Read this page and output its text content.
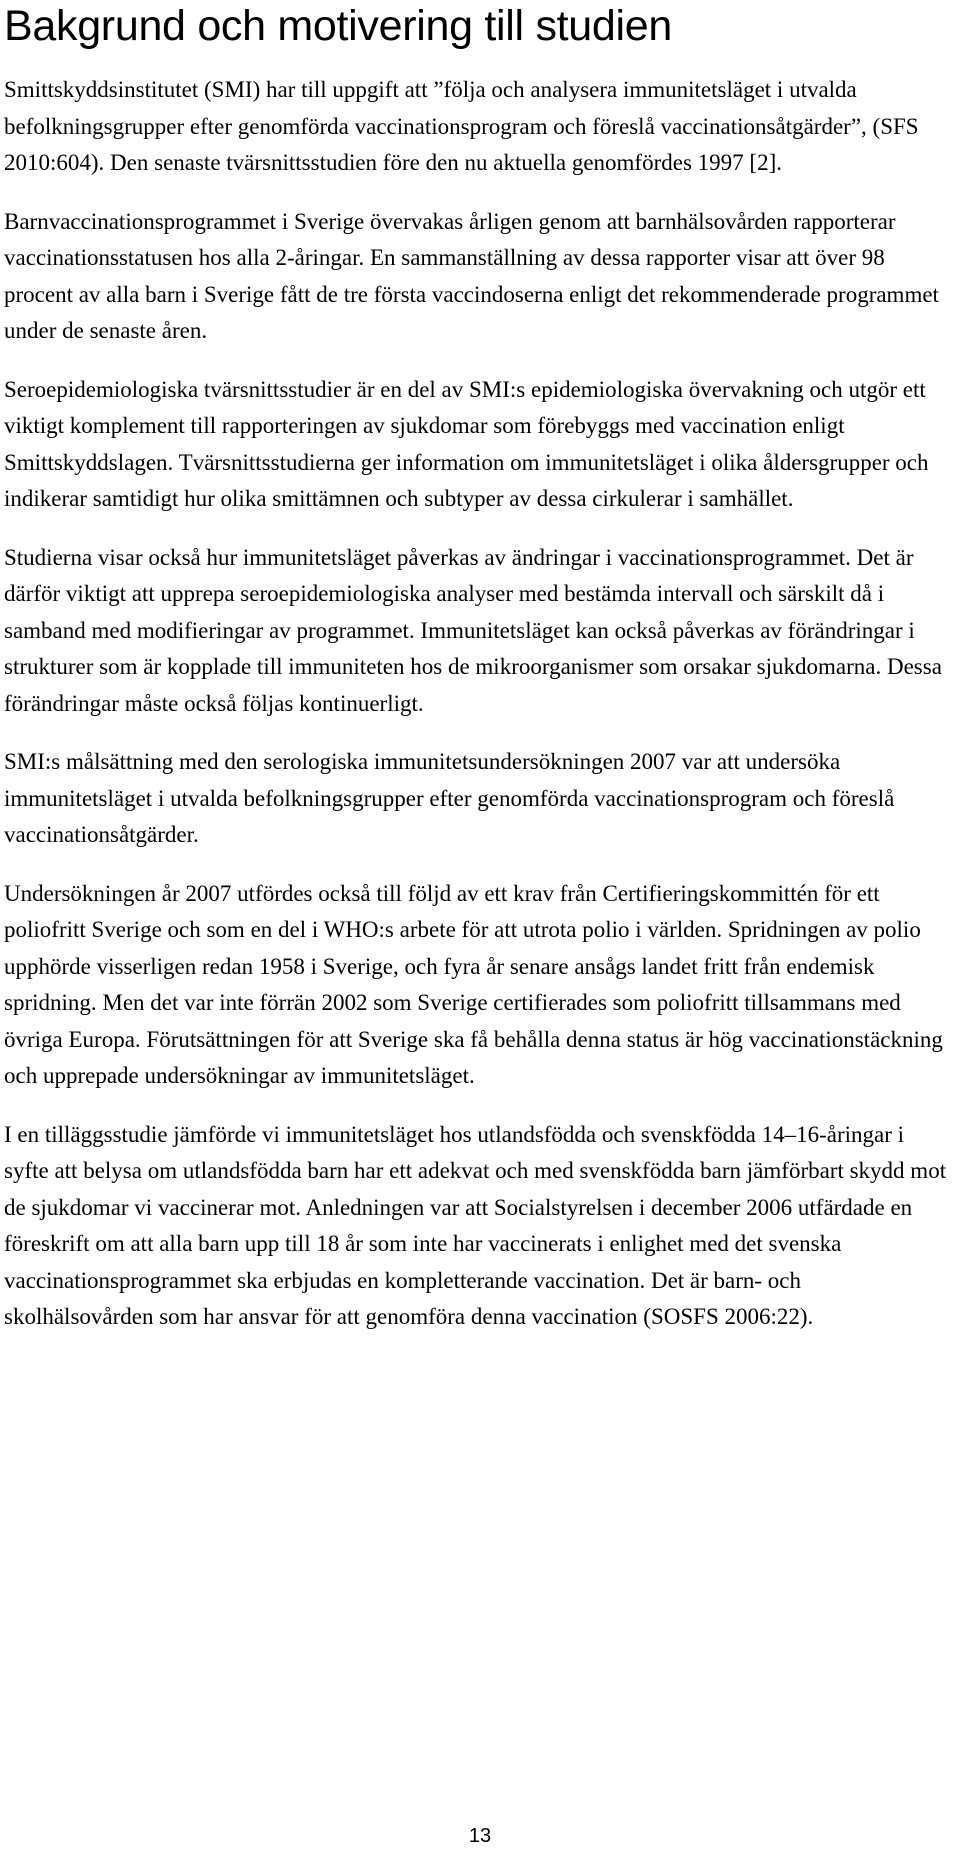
Bakgrund och motivering till studien

Smittskyddsinstitutet (SMI) har till uppgift att ”följa och analysera immunitetsläget i utvalda befolkningsgrupper efter genomförda vaccinationsprogram och föreslå vaccinationsåtgärder”, (SFS 2010:604). Den senaste tvärsnittsstudien före den nu aktuella genomfördes 1997 [2].

Barnvaccinationsprogrammet i Sverige övervakas årligen genom att barnhälsovården rapporterar vaccinationsstatusen hos alla 2-åringar. En sammanställning av dessa rapporter visar att över 98 procent av alla barn i Sverige fått de tre första vaccindoserna enligt det rekommenderade programmet under de senaste åren.

Seroepidemiologiska tvärsnittsstudier är en del av SMI:s epidemiologiska övervakning och utgör ett viktigt komplement till rapporteringen av sjukdomar som förebyggs med vaccination enligt Smittskyddslagen. Tvärsnittsstudierna ger information om immunitetsläget i olika åldersgrupper och indikerar samtidigt hur olika smittämnen och subtyper av dessa cirkulerar i samhället.

Studierna visar också hur immunitetsläget påverkas av ändringar i vaccinationsprogrammet. Det är därför viktigt att upprepa seroepidemiologiska analyser med bestämda intervall och särskilt då i samband med modifieringar av programmet. Immunitetsläget kan också påverkas av förändringar i strukturer som är kopplade till immuniteten hos de mikroorganismer som orsakar sjukdomarna. Dessa förändringar måste också följas kontinuerligt.

SMI:s målsättning med den serologiska immunitetsundersökningen 2007 var att undersöka immunitetsläget i utvalda befolkningsgrupper efter genomförda vaccinationsprogram och föreslå vaccinationsåtgärder.

Undersökningen år 2007 utfördes också till följd av ett krav från Certifieringskommittén för ett poliofritt Sverige och som en del i WHO:s arbete för att utrota polio i världen. Spridningen av polio upphörde visserligen redan 1958 i Sverige, och fyra år senare ansågs landet fritt från endemisk spridning. Men det var inte förrän 2002 som Sverige certifierades som poliofritt tillsammans med övriga Europa. Förutsättningen för att Sverige ska få behålla denna status är hög vaccinationstäckning och upprepade undersökningar av immunitetsläget.

I en tilläggsstudie jämförde vi immunitetsläget hos utlandsfödda och svenskfödda 14–16-åringar i syfte att belysa om utlandsfödda barn har ett adekvat och med svenskfödda barn jämförbart skydd mot de sjukdomar vi vaccinerar mot. Anledningen var att Socialstyrelsen i december 2006 utfärdade en föreskrift om att alla barn upp till 18 år som inte har vaccinerats i enlighet med det svenska vaccinationsprogrammet ska erbjudas en kompletterande vaccination. Det är barn- och skolhälsovården som har ansvar för att genomföra denna vaccination (SOSFS 2006:22).

13
